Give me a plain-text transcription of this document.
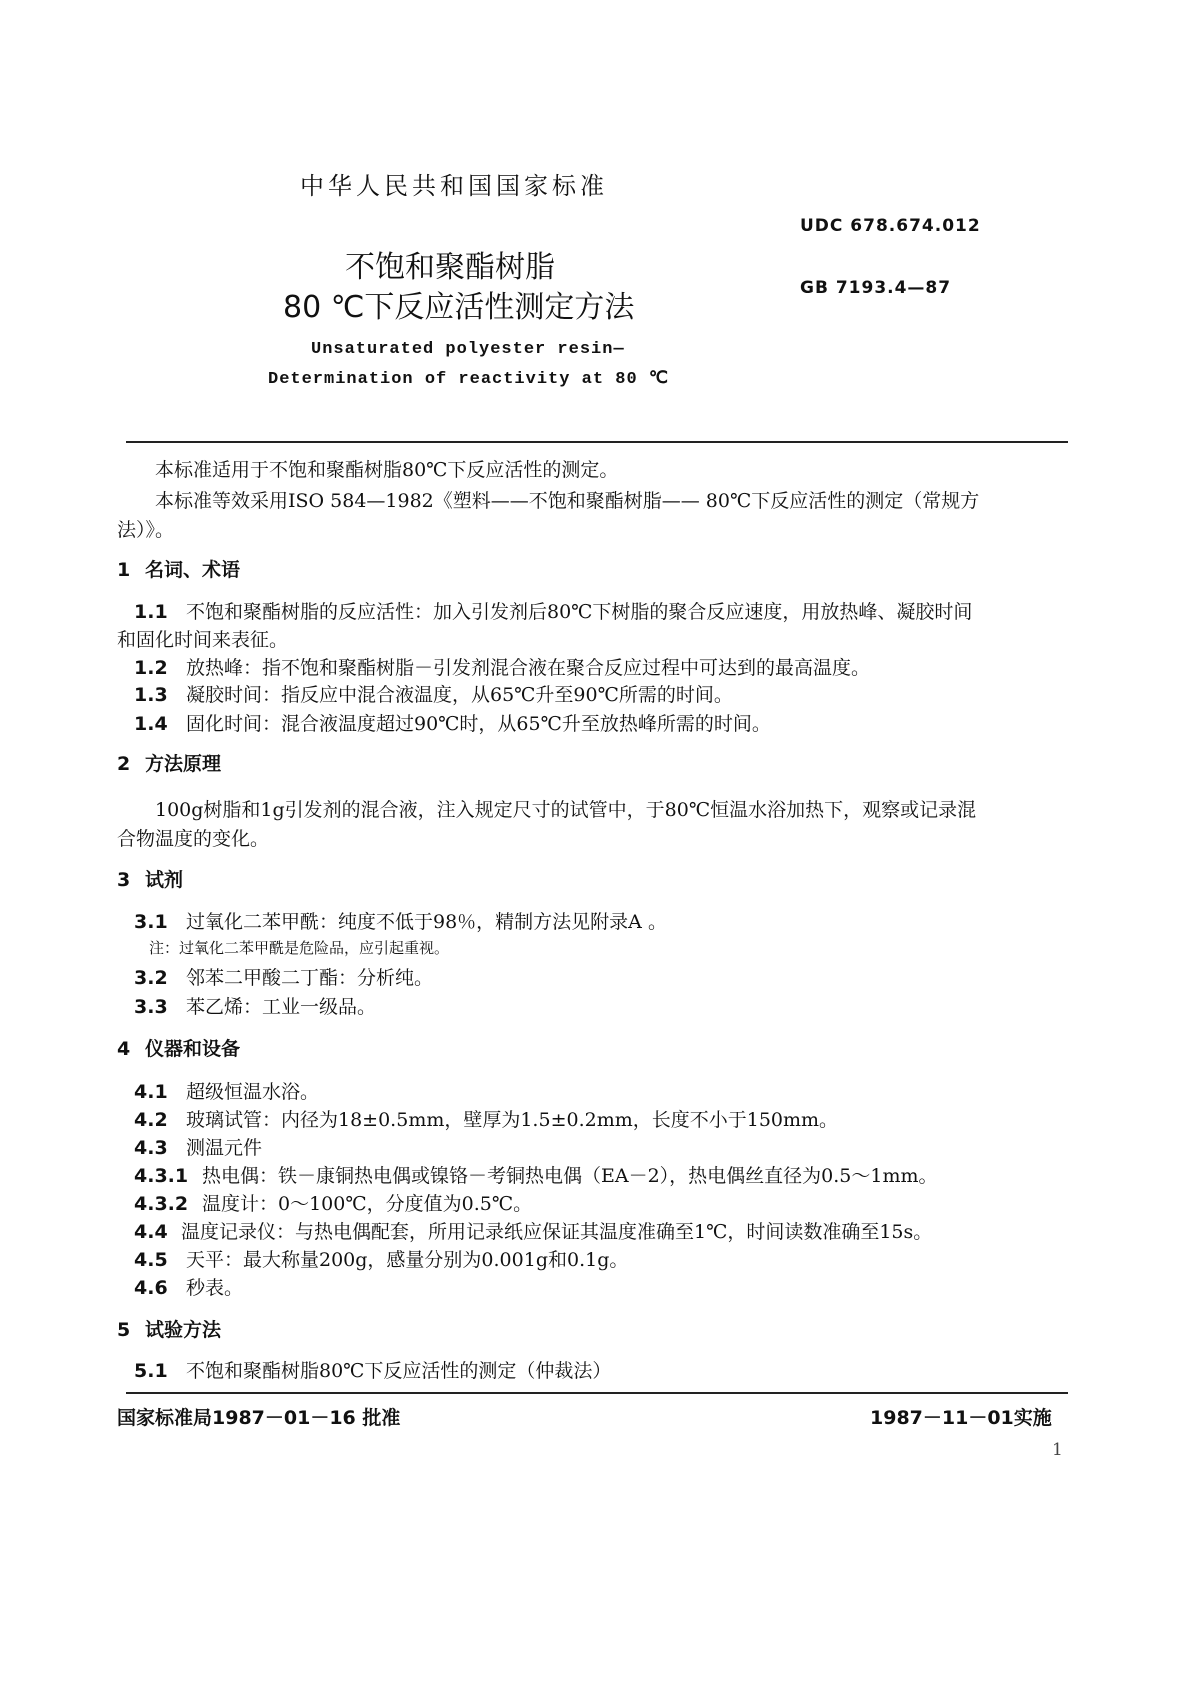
中华人民共和国国家标准
UDC 678.674.012
GB 7193.4—87
不饱和聚酯树脂
80 ℃下反应活性测定方法
Unsaturated polyester resin—
Determination of reactivity at 80 ℃
本标准适用于不饱和聚酯树脂80℃下反应活性的测定。
本标准等效采用ISO 584—1982《塑料——不饱和聚酯树脂—— 80℃下反应活性的测定（常规方
法）》。
1 名词、术语
1.1 不饱和聚酯树脂的反应活性：加入引发剂后80℃下树脂的聚合反应速度，用放热峰、凝胶时间
和固化时间来表征。
1.2 放热峰：指不饱和聚酯树脂－引发剂混合液在聚合反应过程中可达到的最高温度。
1.3 凝胶时间：指反应中混合液温度，从65℃升至90℃所需的时间。
1.4 固化时间：混合液温度超过90℃时，从65℃升至放热峰所需的时间。
2 方法原理
100g树脂和1g引发剂的混合液，注入规定尺寸的试管中，于80℃恒温水浴加热下，观察或记录混
合物温度的变化。
3 试剂
3.1 过氧化二苯甲酰：纯度不低于98％，精制方法见附录A 。
注：过氧化二苯甲酰是危险品，应引起重视。
3.2 邻苯二甲酸二丁酯：分析纯。
3.3 苯乙烯：工业一级品。
4 仪器和设备
4.1 超级恒温水浴。
4.2 玻璃试管：内径为18±0.5mm，壁厚为1.5±0.2mm，长度不小于150mm。
4.3 测温元件
4.3.1 热电偶：铁－康铜热电偶或镍铬－考铜热电偶（EA－2），热电偶丝直径为0.5～1mm。
4.3.2 温度计：0～100℃，分度值为0.5℃。
4.4 温度记录仪：与热电偶配套，所用记录纸应保证其温度准确至1℃，时间读数准确至15s。
4.5 天平：最大称量200g，感量分别为0.001g和0.1g。
4.6 秒表。
5 试验方法
5.1 不饱和聚酯树脂80℃下反应活性的测定（仲裁法）
国家标准局1987－01－16 批准	1987－11－01实施
1
